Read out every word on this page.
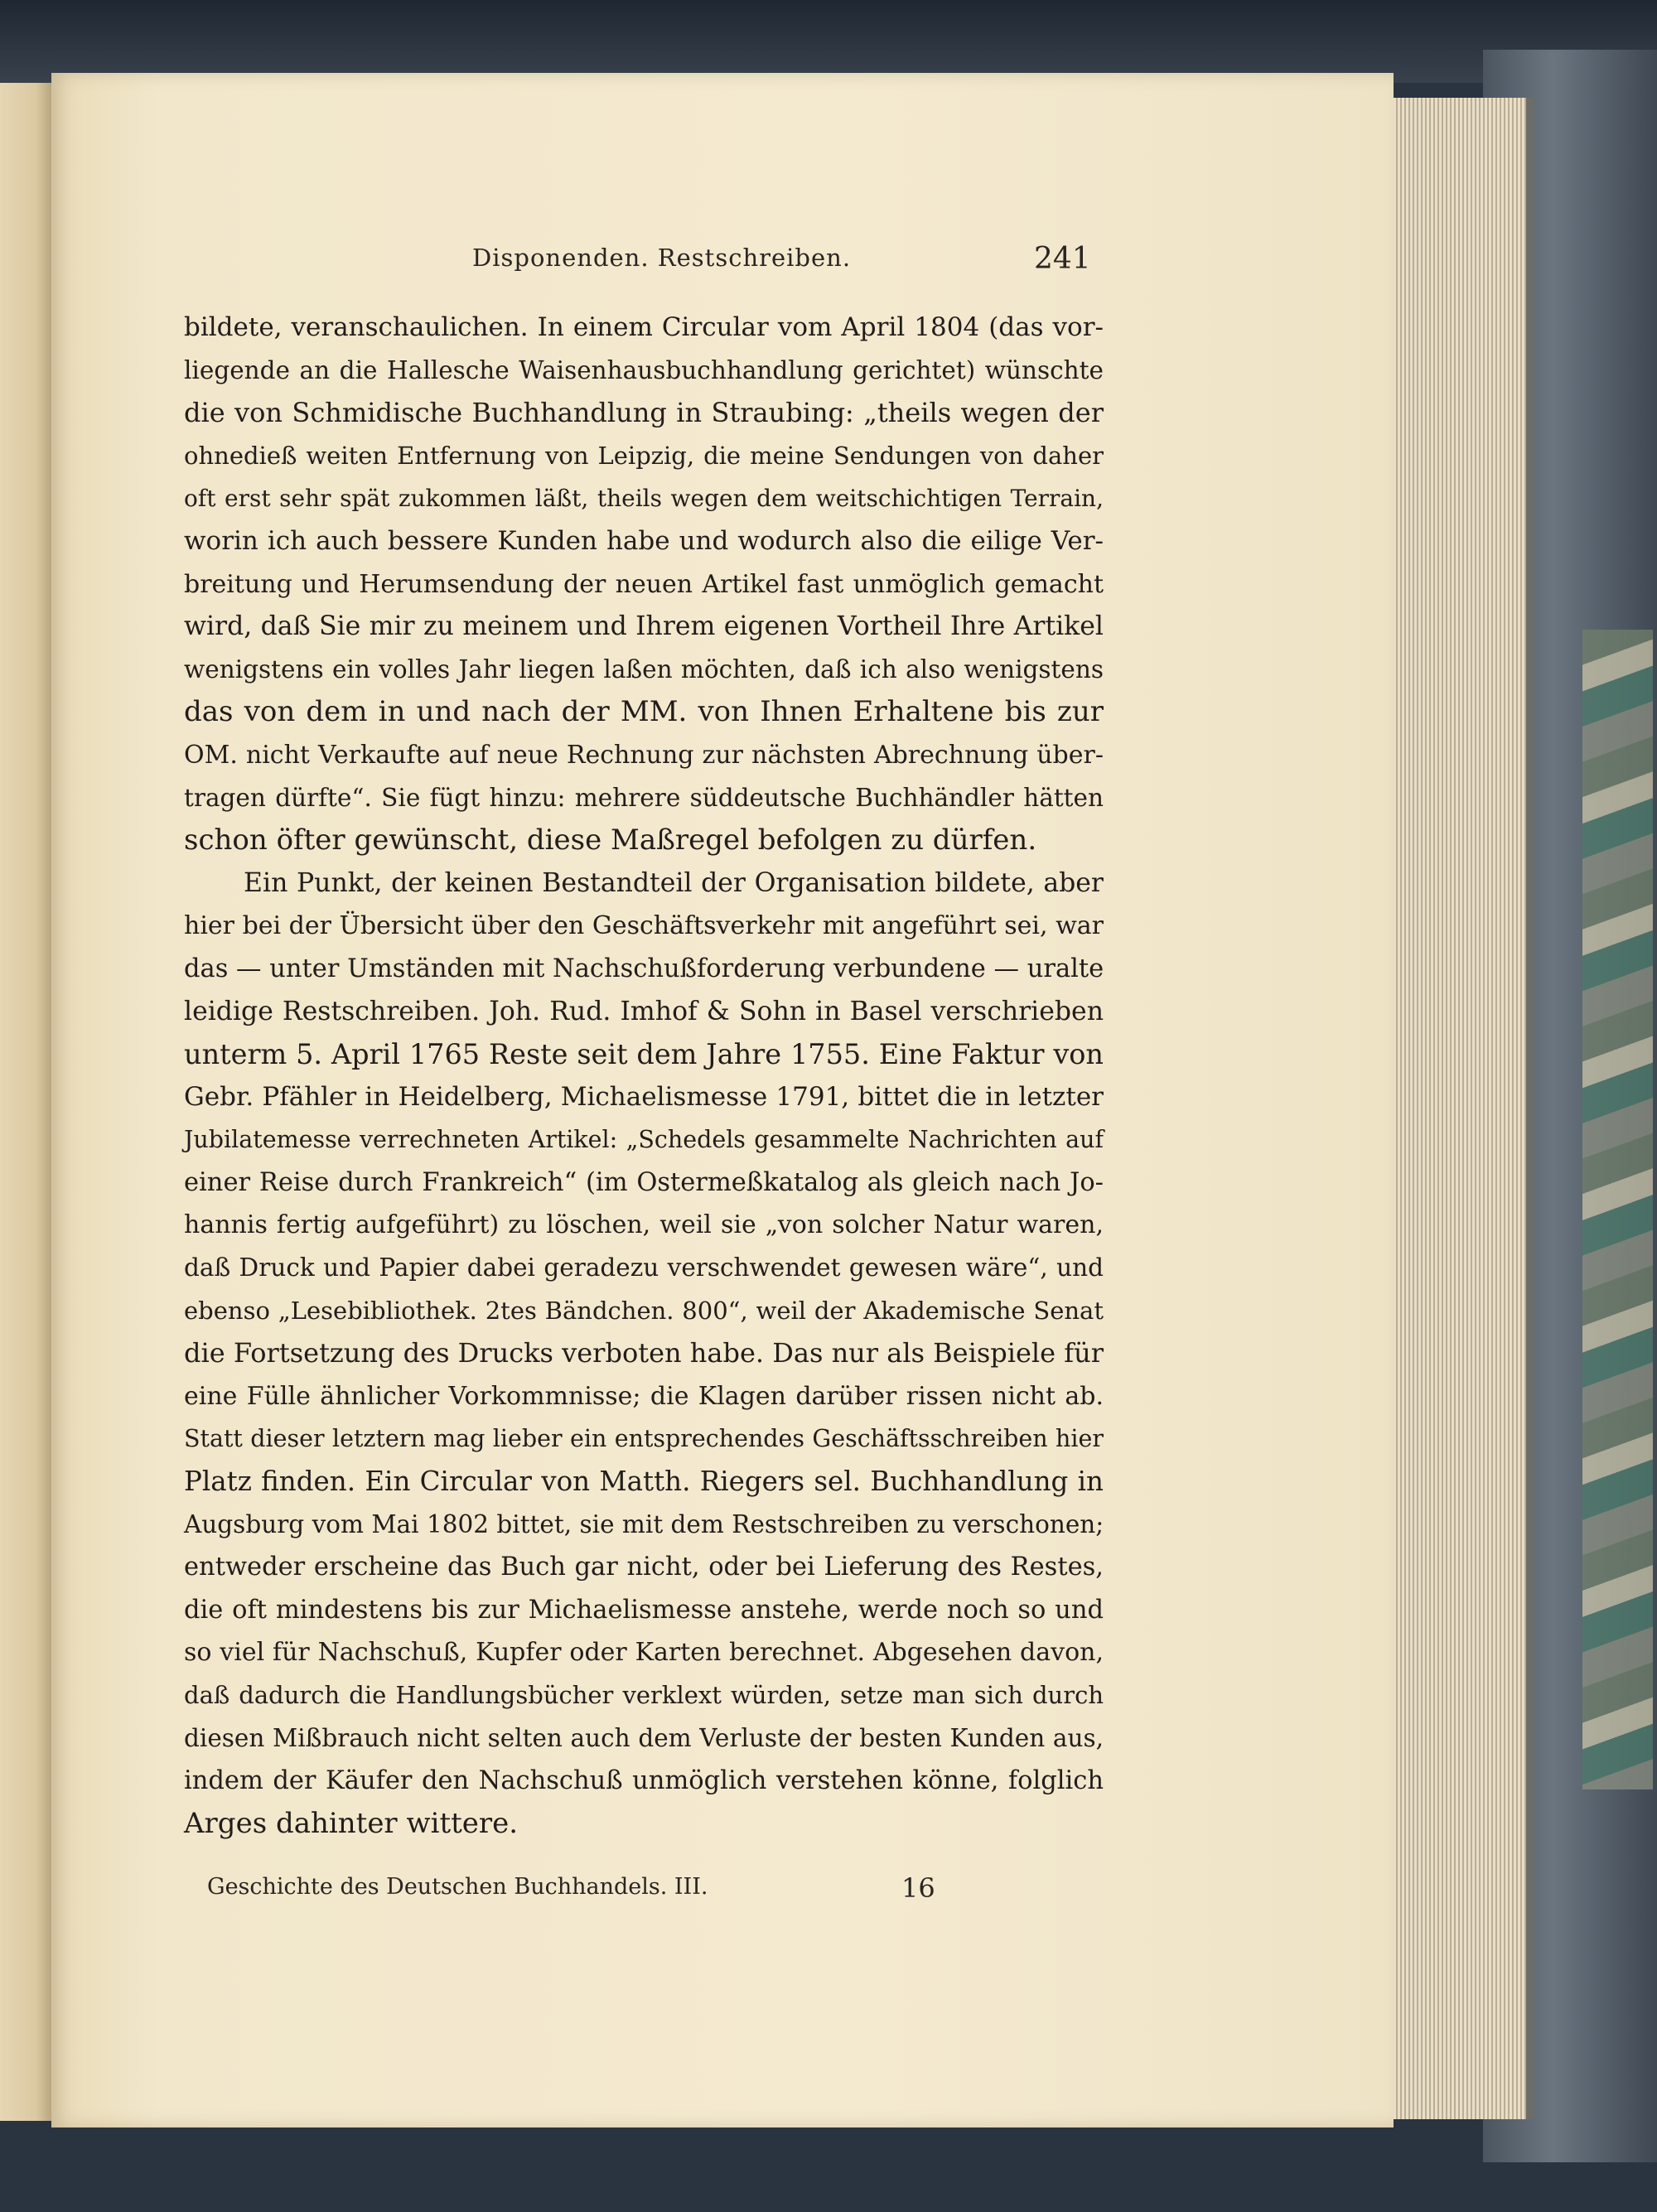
Disponenden. Restschreiben.	241
bildete, veranschaulichen. In einem Circular vom April 1804 (das vor-
liegende an die Hallesche Waisenhausbuchhandlung gerichtet) wünschte
die von Schmidische Buchhandlung in Straubing: „theils wegen der
ohnedieß weiten Entfernung von Leipzig, die meine Sendungen von daher
oft erst sehr spät zukommen läßt, theils wegen dem weitschichtigen Terrain,
worin ich auch bessere Kunden habe und wodurch also die eilige Ver-
breitung und Herumsendung der neuen Artikel fast unmöglich gemacht
wird, daß Sie mir zu meinem und Ihrem eigenen Vortheil Ihre Artikel
wenigstens ein volles Jahr liegen laßen möchten, daß ich also wenigstens
das von dem in und nach der MM. von Ihnen Erhaltene bis zur
OM. nicht Verkaufte auf neue Rechnung zur nächsten Abrechnung über-
tragen dürfte“. Sie fügt hinzu: mehrere süddeutsche Buchhändler hätten
schon öfter gewünscht, diese Maßregel befolgen zu dürfen.
Ein Punkt, der keinen Bestandteil der Organisation bildete, aber
hier bei der Übersicht über den Geschäftsverkehr mit angeführt sei, war
das — unter Umständen mit Nachschußforderung verbundene — uralte
leidige Restschreiben. Joh. Rud. Imhof & Sohn in Basel verschrieben
unterm 5. April 1765 Reste seit dem Jahre 1755. Eine Faktur von
Gebr. Pfähler in Heidelberg, Michaelismesse 1791, bittet die in letzter
Jubilatemesse verrechneten Artikel: „Schedels gesammelte Nachrichten auf
einer Reise durch Frankreich“ (im Ostermeßkatalog als gleich nach Jo-
hannis fertig aufgeführt) zu löschen, weil sie „von solcher Natur waren,
daß Druck und Papier dabei geradezu verschwendet gewesen wäre“, und
ebenso „Lesebibliothek. 2tes Bändchen. 800“, weil der Akademische Senat
die Fortsetzung des Drucks verboten habe. Das nur als Beispiele für
eine Fülle ähnlicher Vorkommnisse; die Klagen darüber rissen nicht ab.
Statt dieser letztern mag lieber ein entsprechendes Geschäftsschreiben hier
Platz finden. Ein Circular von Matth. Riegers sel. Buchhandlung in
Augsburg vom Mai 1802 bittet, sie mit dem Restschreiben zu verschonen;
entweder erscheine das Buch gar nicht, oder bei Lieferung des Restes,
die oft mindestens bis zur Michaelismesse anstehe, werde noch so und
so viel für Nachschuß, Kupfer oder Karten berechnet. Abgesehen davon,
daß dadurch die Handlungsbücher verklext würden, setze man sich durch
diesen Mißbrauch nicht selten auch dem Verluste der besten Kunden aus,
indem der Käufer den Nachschuß unmöglich verstehen könne, folglich
Arges dahinter wittere.
Geschichte des Deutschen Buchhandels. III.	16
